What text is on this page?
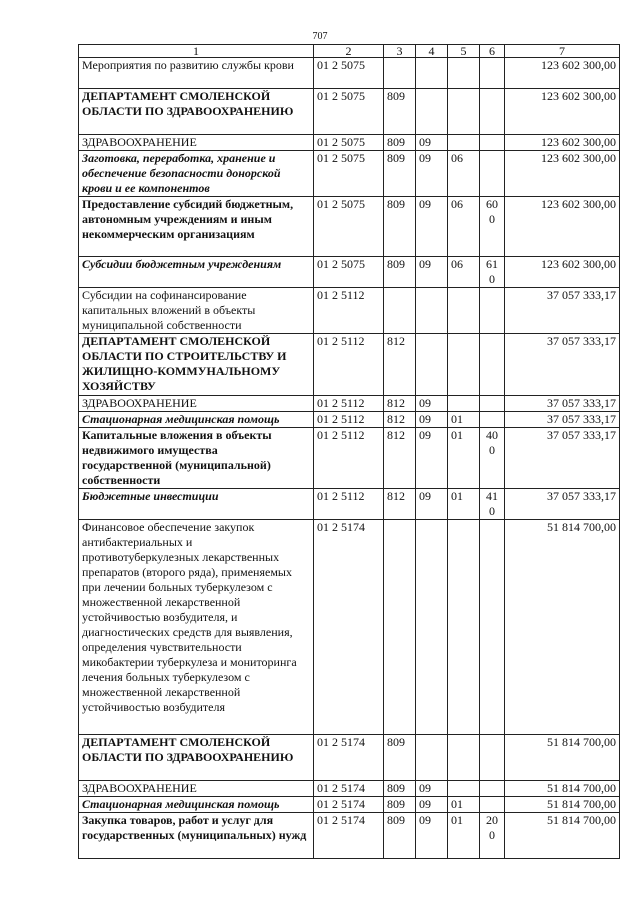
707
1	2	3	4	5	6	7
Мероприятия по развитию службы крови	01 2 5075					123 602 300,00
ДЕПАРТАМЕНТ СМОЛЕНСКОЙ ОБЛАСТИ ПО ЗДРАВООХРАНЕНИЮ	01 2 5075	809				123 602 300,00
ЗДРАВООХРАНЕНИЕ	01 2 5075	809	09			123 602 300,00
Заготовка, переработка, хранение и обеспечение безопасности донорской крови и ее компонентов	01 2 5075	809	09	06		123 602 300,00
Предоставление субсидий бюджетным, автономным учреждениям и иным некоммерческим организациям	01 2 5075	809	09	06	60 0	123 602 300,00
Субсидии бюджетным учреждениям	01 2 5075	809	09	06	61 0	123 602 300,00
Субсидии на софинансирование капитальных вложений в объекты муниципальной собственности	01 2 5112					37 057 333,17
ДЕПАРТАМЕНТ СМОЛЕНСКОЙ ОБЛАСТИ ПО СТРОИТЕЛЬСТВУ И ЖИЛИЩНО-КОММУНАЛЬНОМУ ХОЗЯЙСТВУ	01 2 5112	812				37 057 333,17
ЗДРАВООХРАНЕНИЕ	01 2 5112	812	09			37 057 333,17
Стационарная медицинская помощь	01 2 5112	812	09	01		37 057 333,17
Капитальные вложения в объекты недвижимого имущества государственной (муниципальной) собственности	01 2 5112	812	09	01	40 0	37 057 333,17
Бюджетные инвестиции	01 2 5112	812	09	01	41 0	37 057 333,17
Финансовое обеспечение закупок антибактериальных и противотуберкулезных лекарственных препаратов (второго ряда), применяемых при лечении больных туберкулезом с множественной лекарственной устойчивостью возбудителя, и диагностических средств для выявления, определения чувствительности микобактерии туберкулеза и мониторинга лечения больных туберкулезом с множественной лекарственной устойчивостью возбудителя	01 2 5174					51 814 700,00
ДЕПАРТАМЕНТ СМОЛЕНСКОЙ ОБЛАСТИ ПО ЗДРАВООХРАНЕНИЮ	01 2 5174	809				51 814 700,00
ЗДРАВООХРАНЕНИЕ	01 2 5174	809	09			51 814 700,00
Стационарная медицинская помощь	01 2 5174	809	09	01		51 814 700,00
Закупка товаров, работ и услуг для государственных (муниципальных) нужд	01 2 5174	809	09	01	20 0	51 814 700,00
